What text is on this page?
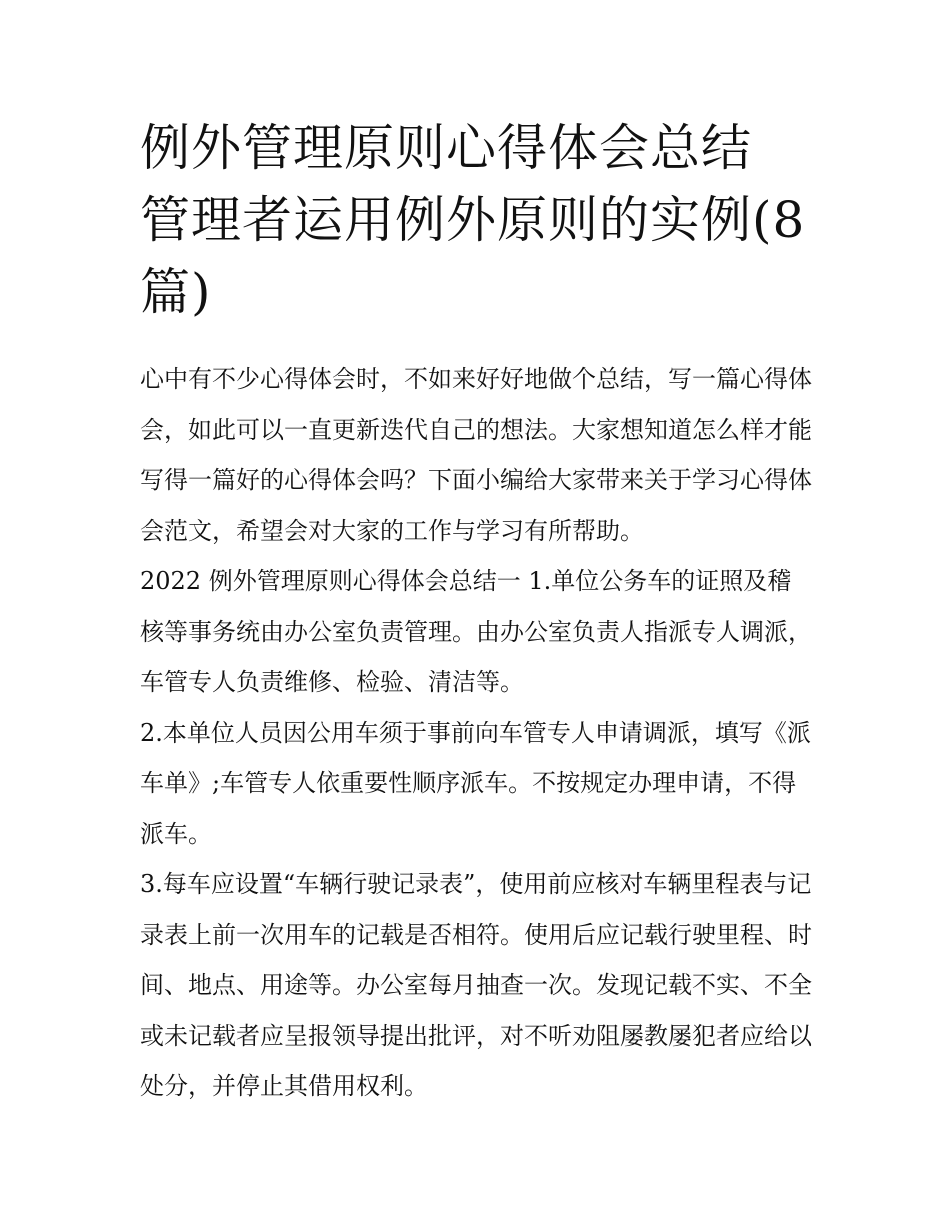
例外管理原则心得体会总结 管理者运用例外原则的实例(8篇)

心中有不少心得体会时，不如来好好地做个总结，写一篇心得体会，如此可以一直更新迭代自己的想法。大家想知道怎么样才能写得一篇好的心得体会吗？下面小编给大家带来关于学习心得体会范文，希望会对大家的工作与学习有所帮助。

2022 例外管理原则心得体会总结一 1.单位公务车的证照及稽核等事务统由办公室负责管理。由办公室负责人指派专人调派，车管专人负责维修、检验、清洁等。

2.本单位人员因公用车须于事前向车管专人申请调派，填写《派车单》;车管专人依重要性顺序派车。不按规定办理申请，不得派车。

3.每车应设置“车辆行驶记录表”，使用前应核对车辆里程表与记录表上前一次用车的记载是否相符。使用后应记载行驶里程、时间、地点、用途等。办公室每月抽查一次。发现记载不实、不全或未记载者应呈报领导提出批评，对不听劝阻屡教屡犯者应给以处分，并停止其借用权利。
